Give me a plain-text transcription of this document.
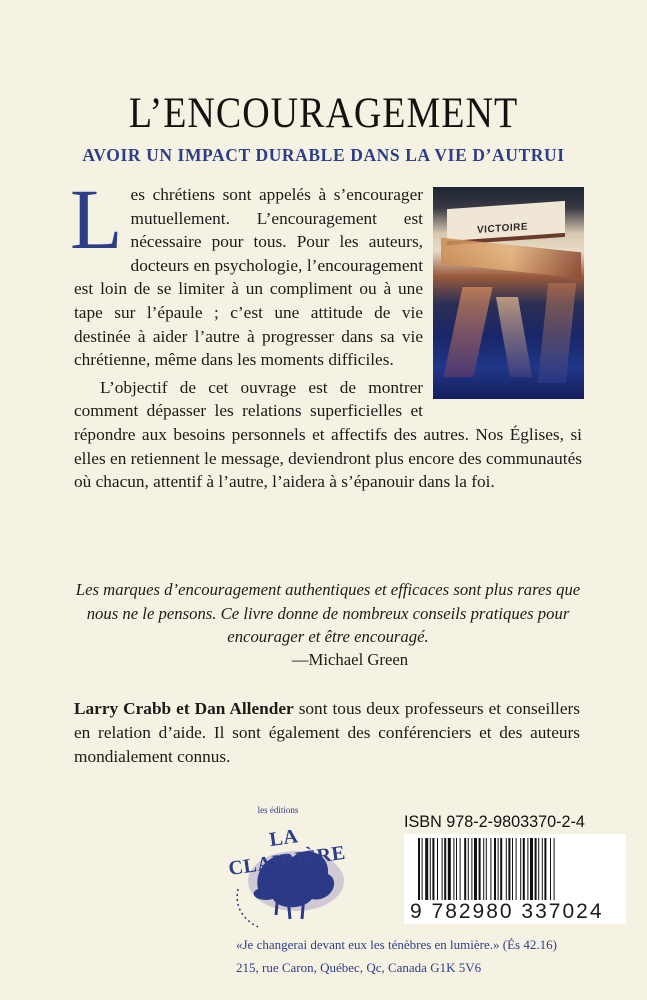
L’ENCOURAGEMENT
AVOIR UN IMPACT DURABLE DANS LA VIE D’AUTRUI
VICTOIRE

Les chrétiens sont appelés à s’encourager mutuellement. L’encouragement est nécessaire pour tous. Pour les auteurs, docteurs en psychologie, l’encouragement est loin de se limiter à un compliment ou à une tape sur l’épaule ; c’est une attitude de vie destinée à aider l’autre à progresser dans sa vie chrétienne, même dans les moments difficiles.

L’objectif de cet ouvrage est de montrer comment dépasser les relations superficielles et répondre aux besoins personnels et affectifs des autres. Nos Églises, si elles en retiennent le message, deviendront plus encore des communautés où chacun, attentif à l’autre, l’aidera à s’épanouir dans la foi.

Les marques d’encouragement authentiques et efficaces sont plus rares que nous ne le pensons. Ce livre donne de nombreux conseils pratiques pour encourager et être encouragé.
—Michael Green
Larry Crabb et Dan Allender sont tous deux professeurs et conseillers en relation d’aide. Il sont également des conférenciers et des auteurs mondialement connus.
les éditions
LA CLAIRIÈRE
ISBN 978-2-9803370-2-4
9 782980 337024
«Je changerai devant eux les ténèbres en lumière.» (És 42.16)
215, rue Caron, Québec, Qc, Canada G1K 5V6
